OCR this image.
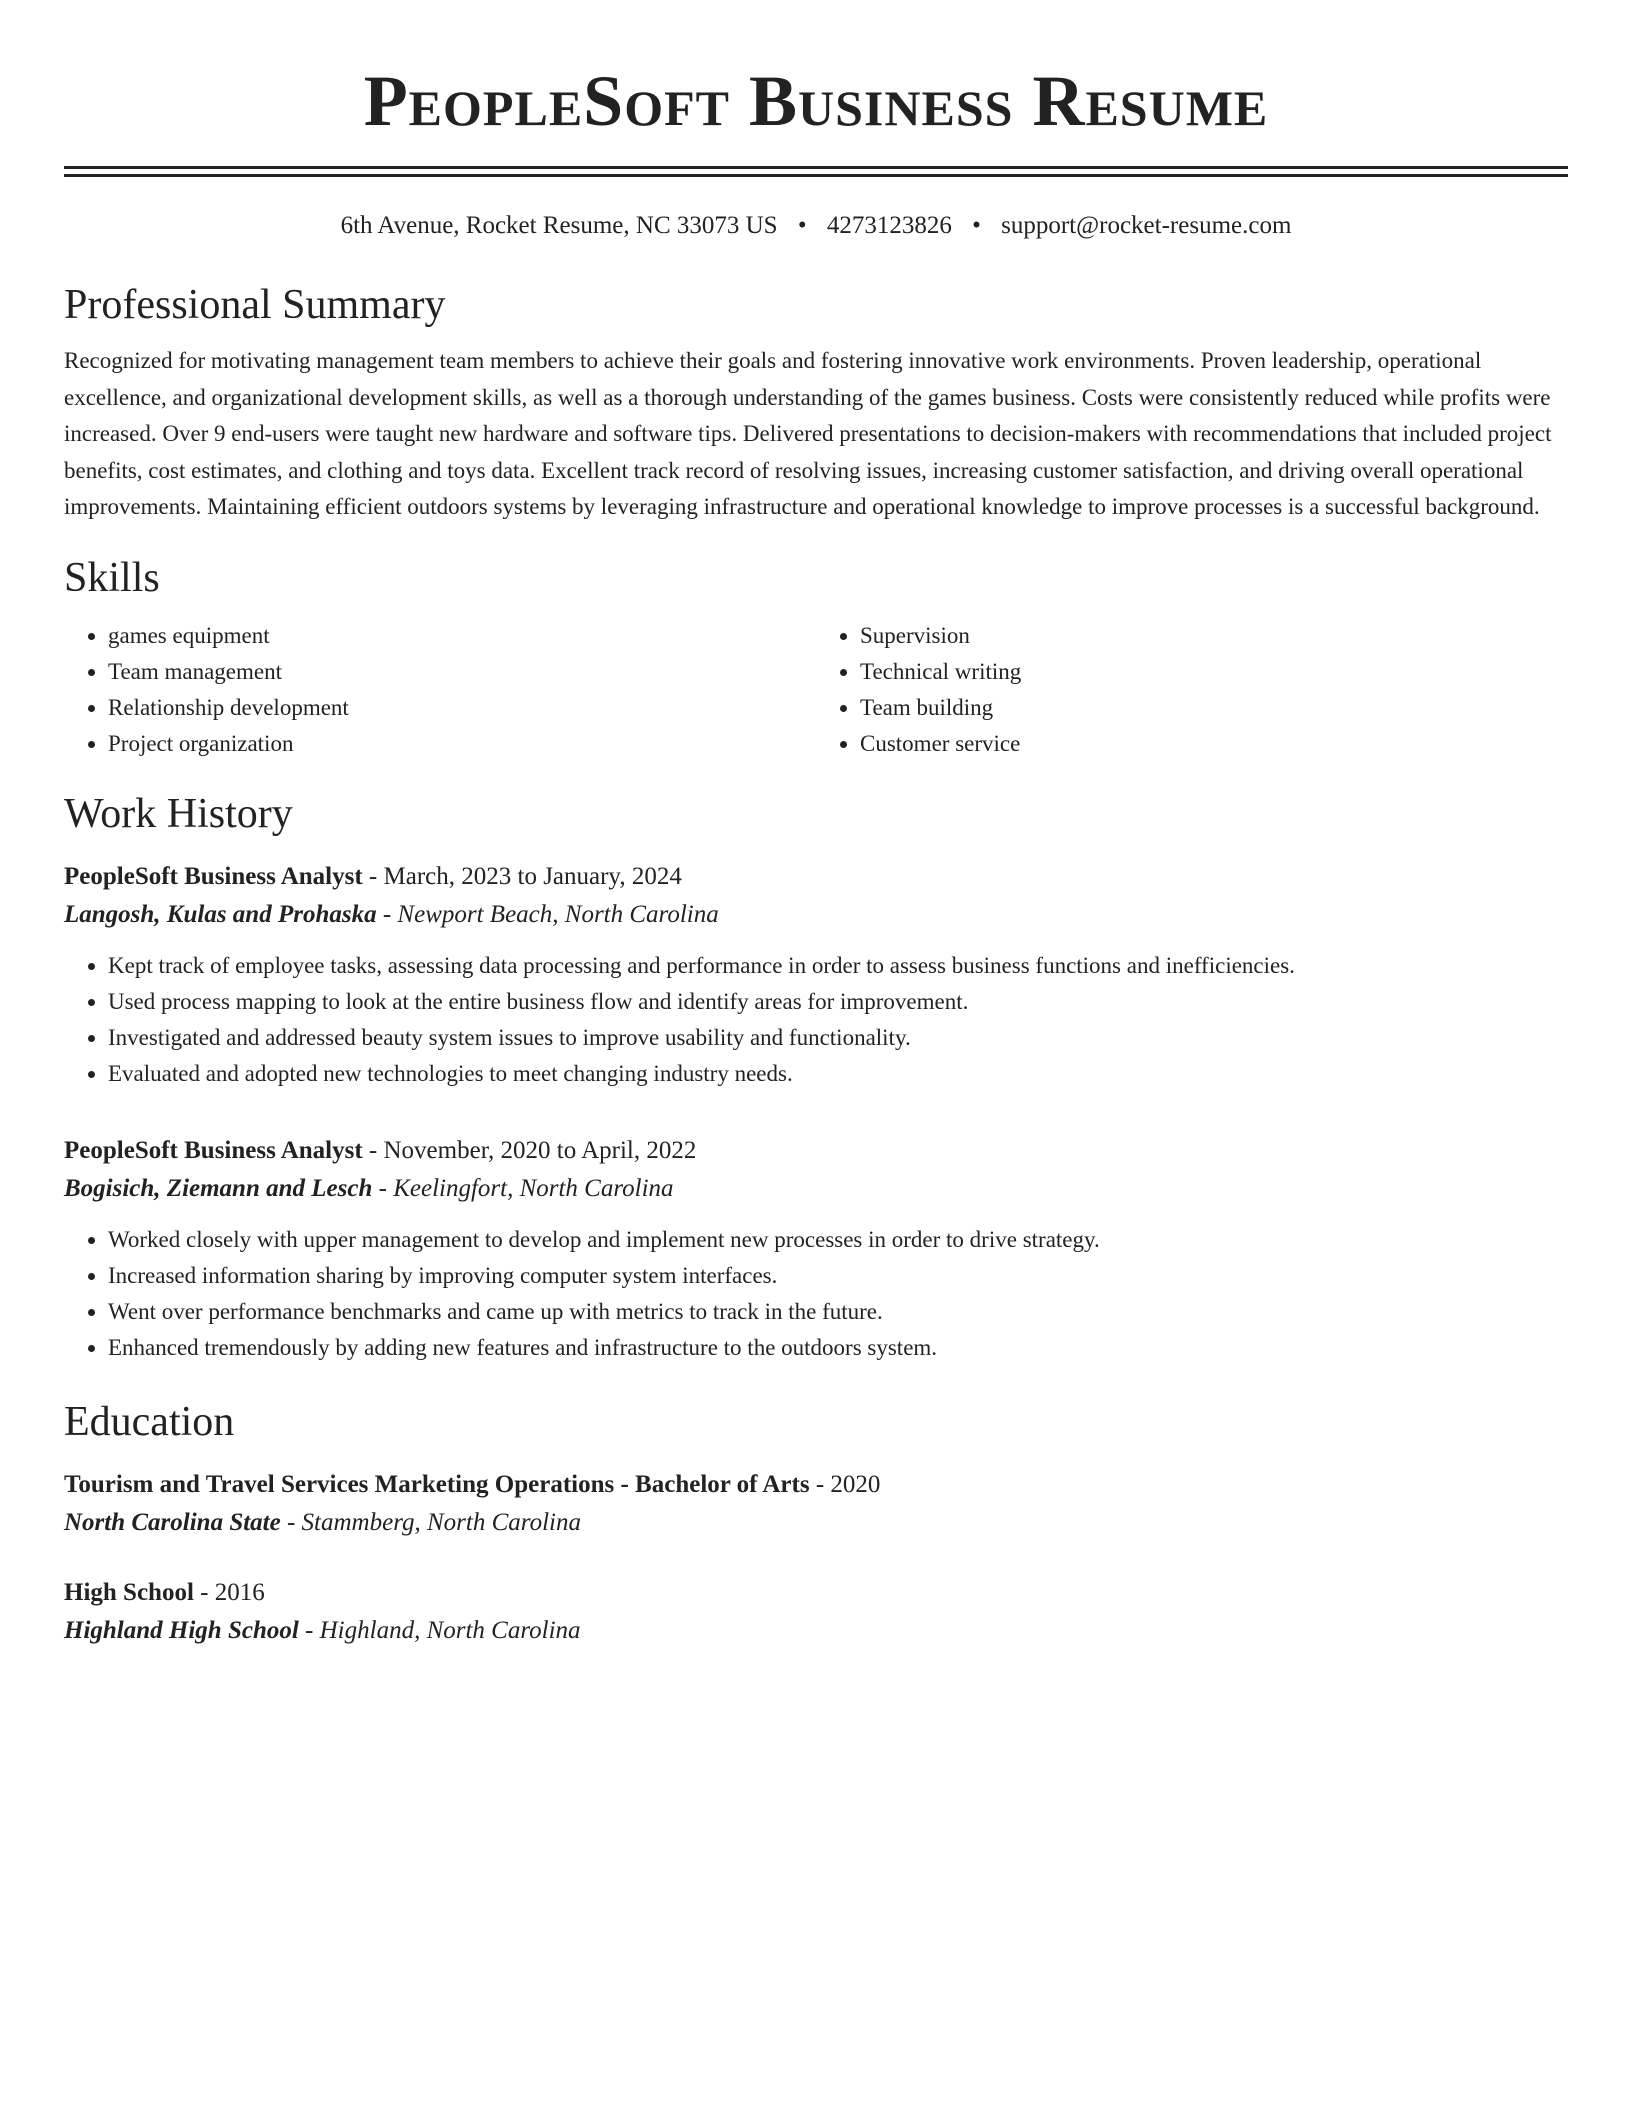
PeopleSoft Business Resume
6th Avenue, Rocket Resume, NC 33073 US • 4273123826 • support@rocket-resume.com
Professional Summary

Recognized for motivating management team members to achieve their goals and fostering innovative work environments. Proven leadership, operational excellence, and organizational development skills, as well as a thorough understanding of the games business. Costs were consistently reduced while profits were increased. Over 9 end-users were taught new hardware and software tips. Delivered presentations to decision-makers with recommendations that included project benefits, cost estimates, and clothing and toys data. Excellent track record of resolving issues, increasing customer satisfaction, and driving overall operational improvements. Maintaining efficient outdoors systems by leveraging infrastructure and operational knowledge to improve processes is a successful background.

Skills
• games equipment
• Team management
• Relationship development
• Project organization
• Supervision
• Technical writing
• Team building
• Customer service
Work History
PeopleSoft Business Analyst - March, 2023 to January, 2024
Langosh, Kulas and Prohaska - Newport Beach, North Carolina
• Kept track of employee tasks, assessing data processing and performance in order to assess business functions and inefficiencies.
• Used process mapping to look at the entire business flow and identify areas for improvement.
• Investigated and addressed beauty system issues to improve usability and functionality.
• Evaluated and adopted new technologies to meet changing industry needs.
PeopleSoft Business Analyst - November, 2020 to April, 2022
Bogisich, Ziemann and Lesch - Keelingfort, North Carolina
• Worked closely with upper management to develop and implement new processes in order to drive strategy.
• Increased information sharing by improving computer system interfaces.
• Went over performance benchmarks and came up with metrics to track in the future.
• Enhanced tremendously by adding new features and infrastructure to the outdoors system.
Education
Tourism and Travel Services Marketing Operations - Bachelor of Arts - 2020
North Carolina State - Stammberg, North Carolina
High School - 2016
Highland High School - Highland, North Carolina
